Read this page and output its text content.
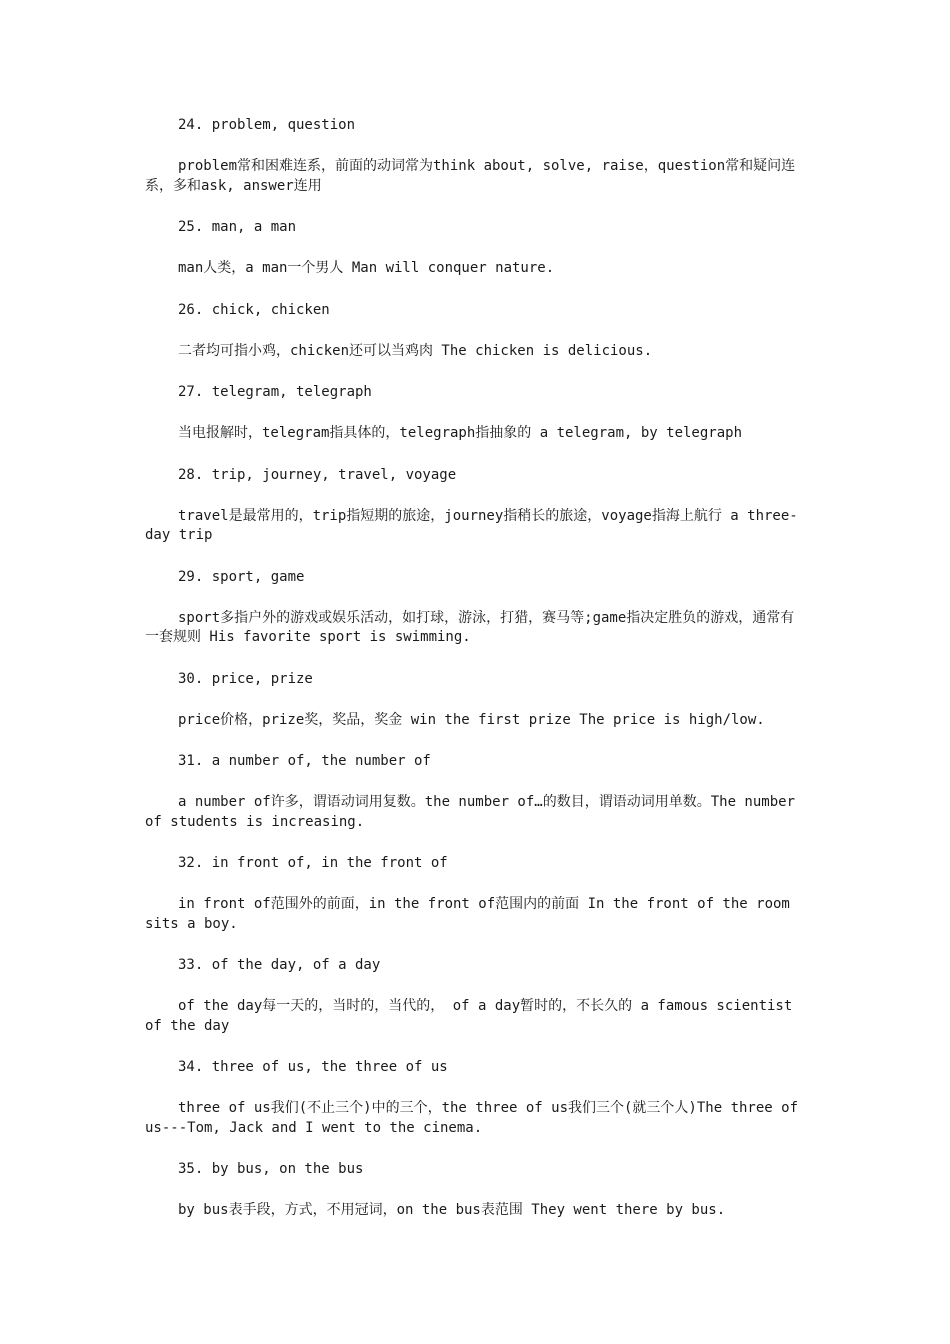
24. problem, question
problem常和困难连系，前面的动词常为think about, solve, raise，question常和疑问连系，多和ask, answer连用
25. man, a man
man人类，a man一个男人 Man will conquer nature.
26. chick, chicken
二者均可指小鸡，chicken还可以当鸡肉 The chicken is delicious.
27. telegram, telegraph
当电报解时，telegram指具体的，telegraph指抽象的 a telegram, by telegraph
28. trip, journey, travel, voyage
travel是最常用的，trip指短期的旅途，journey指稍长的旅途，voyage指海上航行 a three-day trip
29. sport, game
sport多指户外的游戏或娱乐活动，如打球，游泳，打猎，赛马等;game指决定胜负的游戏，通常有一套规则 His favorite sport is swimming.
30. price, prize
price价格，prize奖，奖品，奖金 win the first prize The price is high/low.
31. a number of, the number of
a number of许多，谓语动词用复数。the number of…的数目，谓语动词用单数。The number of students is increasing.
32. in front of, in the front of
in front of范围外的前面，in the front of范围内的前面 In the front of the room sits a boy.
33. of the day, of a day
of the day每一天的，当时的，当代的， of a day暂时的，不长久的 a famous scientist of the day
34. three of us, the three of us
three of us我们(不止三个)中的三个，the three of us我们三个(就三个人)The three of us---Tom, Jack and I went to the cinema.
35. by bus, on the bus
by bus表手段，方式，不用冠词，on the bus表范围 They went there by bus.
